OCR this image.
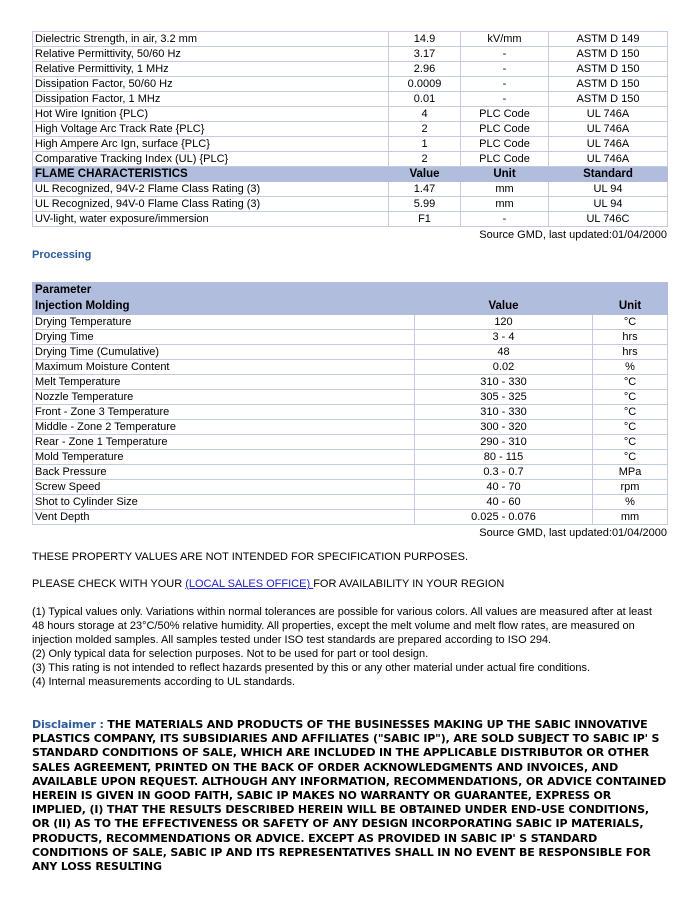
Dielectric Strength, in air, 3.2 mm	14.9	kV/mm	ASTM D 149
Relative Permittivity, 50/60 Hz	3.17	-	ASTM D 150
Relative Permittivity, 1 MHz	2.96	-	ASTM D 150
Dissipation Factor, 50/60 Hz	0.0009	-	ASTM D 150
Dissipation Factor, 1 MHz	0.01	-	ASTM D 150
Hot Wire Ignition {PLC)	4	PLC Code	UL 746A
High Voltage Arc Track Rate {PLC}	2	PLC Code	UL 746A
High Ampere Arc Ign, surface {PLC}	1	PLC Code	UL 746A
Comparative Tracking Index (UL) {PLC}	2	PLC Code	UL 746A
FLAME CHARACTERISTICS	Value	Unit	Standard
UL Recognized, 94V-2 Flame Class Rating (3)	1.47	mm	UL 94
UL Recognized, 94V-0 Flame Class Rating (3)	5.99	mm	UL 94
UV-light, water exposure/immersion	F1	-	UL 746C
Source GMD, last updated:01/04/2000
Processing
Parameter		
Injection Molding	Value	Unit
Drying Temperature	120	°C
Drying Time	3 - 4	hrs
Drying Time (Cumulative)	48	hrs
Maximum Moisture Content	0.02	%
Melt Temperature	310 - 330	°C
Nozzle Temperature	305 - 325	°C
Front - Zone 3 Temperature	310 - 330	°C
Middle - Zone 2 Temperature	300 - 320	°C
Rear - Zone 1 Temperature	290 - 310	°C
Mold Temperature	80 - 115	°C
Back Pressure	0.3 - 0.7	MPa
Screw Speed	40 - 70	rpm
Shot to Cylinder Size	40 - 60	%
Vent Depth	0.025 - 0.076	mm
Source GMD, last updated:01/04/2000

THESE PROPERTY VALUES ARE NOT INTENDED FOR SPECIFICATION PURPOSES.

PLEASE CHECK WITH YOUR (LOCAL SALES OFFICE) FOR AVAILABILITY IN YOUR REGION

(1) Typical values only. Variations within normal tolerances are possible for various colors. All values are measured after at least 48 hours storage at 23°C/50% relative humidity. All properties, except the melt volume and melt flow rates, are measured on injection molded samples. All samples tested under ISO test standards are prepared according to ISO 294.
(2) Only typical data for selection purposes. Not to be used for part or tool design.
(3) This rating is not intended to reflect hazards presented by this or any other material under actual fire conditions.
(4) Internal measurements according to UL standards.
Disclaimer : THE MATERIALS AND PRODUCTS OF THE BUSINESSES MAKING UP THE SABIC INNOVATIVE PLASTICS COMPANY, ITS SUBSIDIARIES AND AFFILIATES ("SABIC IP"), ARE SOLD SUBJECT TO SABIC IP' S STANDARD CONDITIONS OF SALE, WHICH ARE INCLUDED IN THE APPLICABLE DISTRIBUTOR OR OTHER SALES AGREEMENT, PRINTED ON THE BACK OF ORDER ACKNOWLEDGMENTS AND INVOICES, AND AVAILABLE UPON REQUEST. ALTHOUGH ANY INFORMATION, RECOMMENDATIONS, OR ADVICE CONTAINED HEREIN IS GIVEN IN GOOD FAITH, SABIC IP MAKES NO WARRANTY OR GUARANTEE, EXPRESS OR IMPLIED, (I) THAT THE RESULTS DESCRIBED HEREIN WILL BE OBTAINED UNDER END-USE CONDITIONS, OR (II) AS TO THE EFFECTIVENESS OR SAFETY OF ANY DESIGN INCORPORATING SABIC IP MATERIALS, PRODUCTS, RECOMMENDATIONS OR ADVICE. EXCEPT AS PROVIDED IN SABIC IP' S STANDARD CONDITIONS OF SALE, SABIC IP AND ITS REPRESENTATIVES SHALL IN NO EVENT BE RESPONSIBLE FOR ANY LOSS RESULTING
